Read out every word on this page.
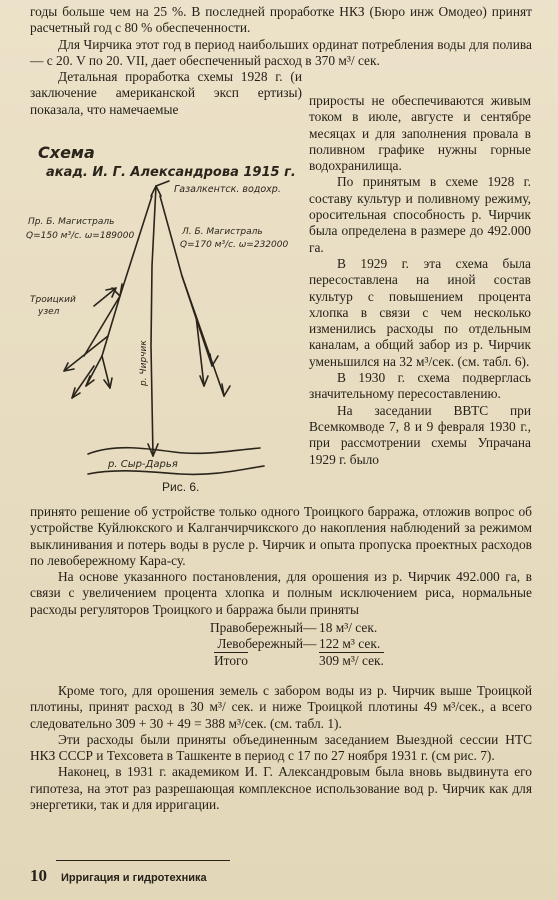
годы больше чем на 25 %. В последней проработке НКЗ (Бюро инж Омодео) принят расчетный год с 80 % обеспеченности.

Для Чирчика этот год в период наибольших ординат потребления воды для полива — с 20. V по 20. VII, дает обеспеченный расход в 370 м³/ сек.

Детальная проработка схемы 1928 г. (и заключение американской эксп ертизы) показала, что намечаемые

Схема
акад. И. Г. Александрова 1915 г.
Газалкентск. водохр.
Пр. Б. Магистраль
Q=150 м³/с. ω=189000	Л. Б. Магистраль
Q=170 м³/с. ω=232000
Троицкий
узел
р. Чирчик
р. Сыр-Дарья
Рис. 6.

приросты не обеспечиваются живым током в июле, августе и сентябре месяцах и для заполнения провала в поливном графике нужны горные водохранилища.

По принятым в схеме 1928 г. составу культур и поливному режиму, оросительная способность р. Чирчик была определена в размере до 492.000 га.

В 1929 г. эта схема была пересоставлена на иной состав культур с повышением процента хлопка в связи с чем несколько изменились расходы по отдельным каналам, а общий забор из р. Чирчик уменьшился на 32 м³/сек. (см. табл. 6).

В 1930 г. схема подверглась значительному пересоставлению.

На заседании ВВТС при Всемкомводе 7, 8 и 9 февраля 1930 г., при рассмотрении схемы Упрачана 1929 г. было

принято решение об устройстве только одного Троицкого барража, отложив вопрос об устройстве Куйлюкского и Калганчирчикского до накопления наблюдений за режимом выклинивания и потерь воды в русле р. Чирчик и опыта пропуска проектных расходов по левобережному Кара-су.

На основе указанного постановления, для орошения из р. Чирчик 492.000 га, в связи с увеличением процента хлопка и полным исключением риса, нормальные расходы регуляторов Троицкого и барража были приняты

Правобережный — 18 м³/ сек.
Левобережный — 122 м³ сек.
Итого	309 м³/ сек.

Кроме того, для орошения земель с забором воды из р. Чирчик выше Троицкой плотины, принят расход в 30 м³/ сек. и ниже Троицкой плотины 49 м³/сек., а всего следовательно 309 + 30 + 49 = 388 м³/сек. (см. табл. 1).

Эти расходы были приняты объединенным заседанием Выездной сессии НТС НКЗ СССР и Техсовета в Ташкенте в период с 17 по 27 ноября 1931 г. (см рис. 7).

Наконец, в 1931 г. академиком И. Г. Александровым была вновь выдвинута его гипотеза, на этот раз разрешающая комплексное использование вод р. Чирчик как для энергетики, так и для ирригации.

10 Ирригация и гидротехника
